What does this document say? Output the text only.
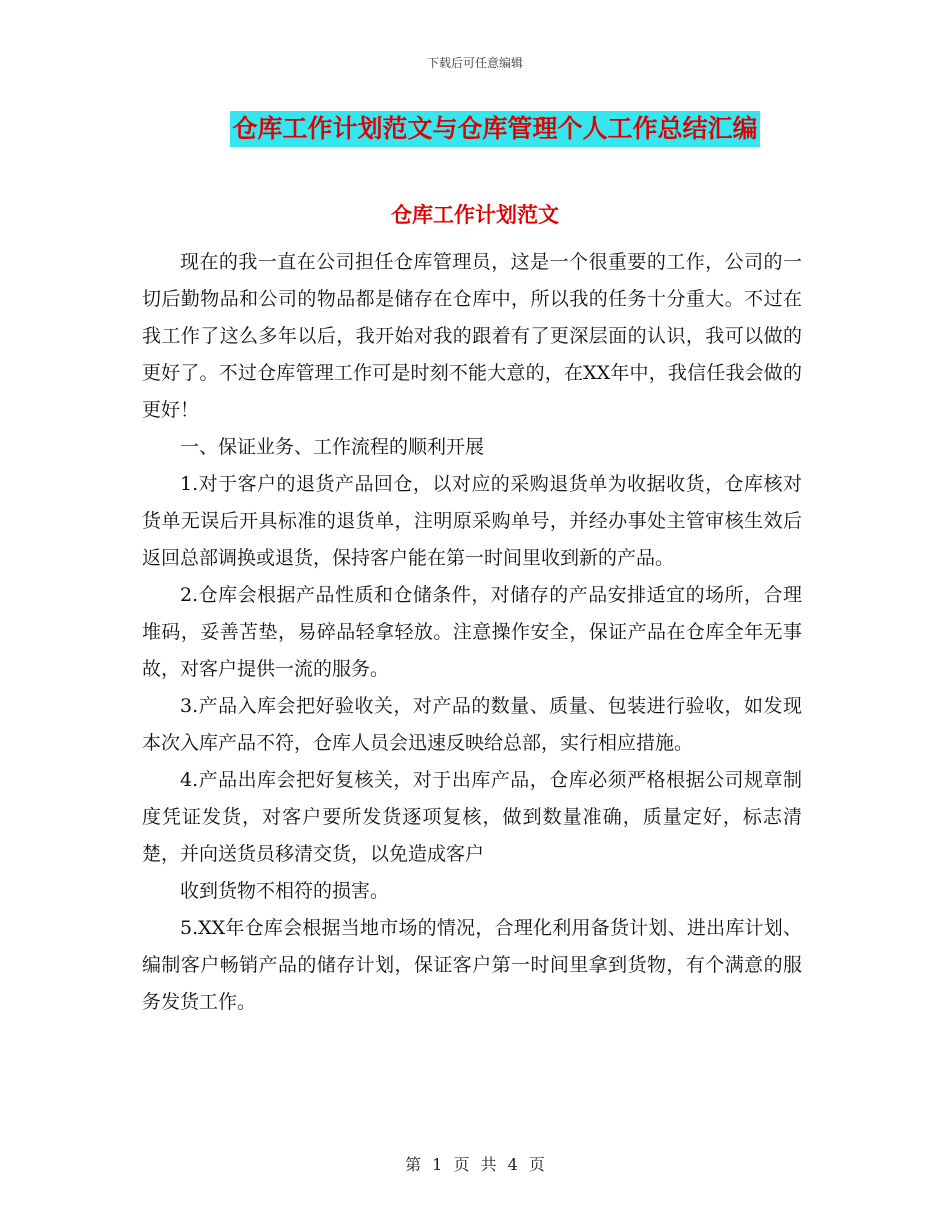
下载后可任意编辑
仓库工作计划范文与仓库管理个人工作总结汇编
仓库工作计划范文

现在的我一直在公司担任仓库管理员，这是一个很重要的工作，公司的一切后勤物品和公司的物品都是储存在仓库中，所以我的任务十分重大。不过在我工作了这么多年以后，我开始对我的跟着有了更深层面的认识，我可以做的更好了。不过仓库管理工作可是时刻不能大意的，在XX年中，我信任我会做的更好！

一、保证业务、工作流程的顺利开展

1.对于客户的退货产品回仓，以对应的采购退货单为收据收货，仓库核对货单无误后开具标准的退货单，注明原采购单号，并经办事处主管审核生效后返回总部调换或退货，保持客户能在第一时间里收到新的产品。

2.仓库会根据产品性质和仓储条件，对储存的产品安排适宜的场所，合理堆码，妥善苫垫，易碎品轻拿轻放。注意操作安全，保证产品在仓库全年无事故，对客户提供一流的服务。

3.产品入库会把好验收关，对产品的数量、质量、包装进行验收，如发现本次入库产品不符，仓库人员会迅速反映给总部，实行相应措施。

4.产品出库会把好复核关，对于出库产品，仓库必须严格根据公司规章制度凭证发货，对客户要所发货逐项复核，做到数量准确，质量定好，标志清楚，并向送货员移清交货，以免造成客户

收到货物不相符的损害。

5.XX年仓库会根据当地市场的情况，合理化利用备货计划、进出库计划、编制客户畅销产品的储存计划，保证客户第一时间里拿到货物，有个满意的服务发货工作。

第 1 页 共 4 页
